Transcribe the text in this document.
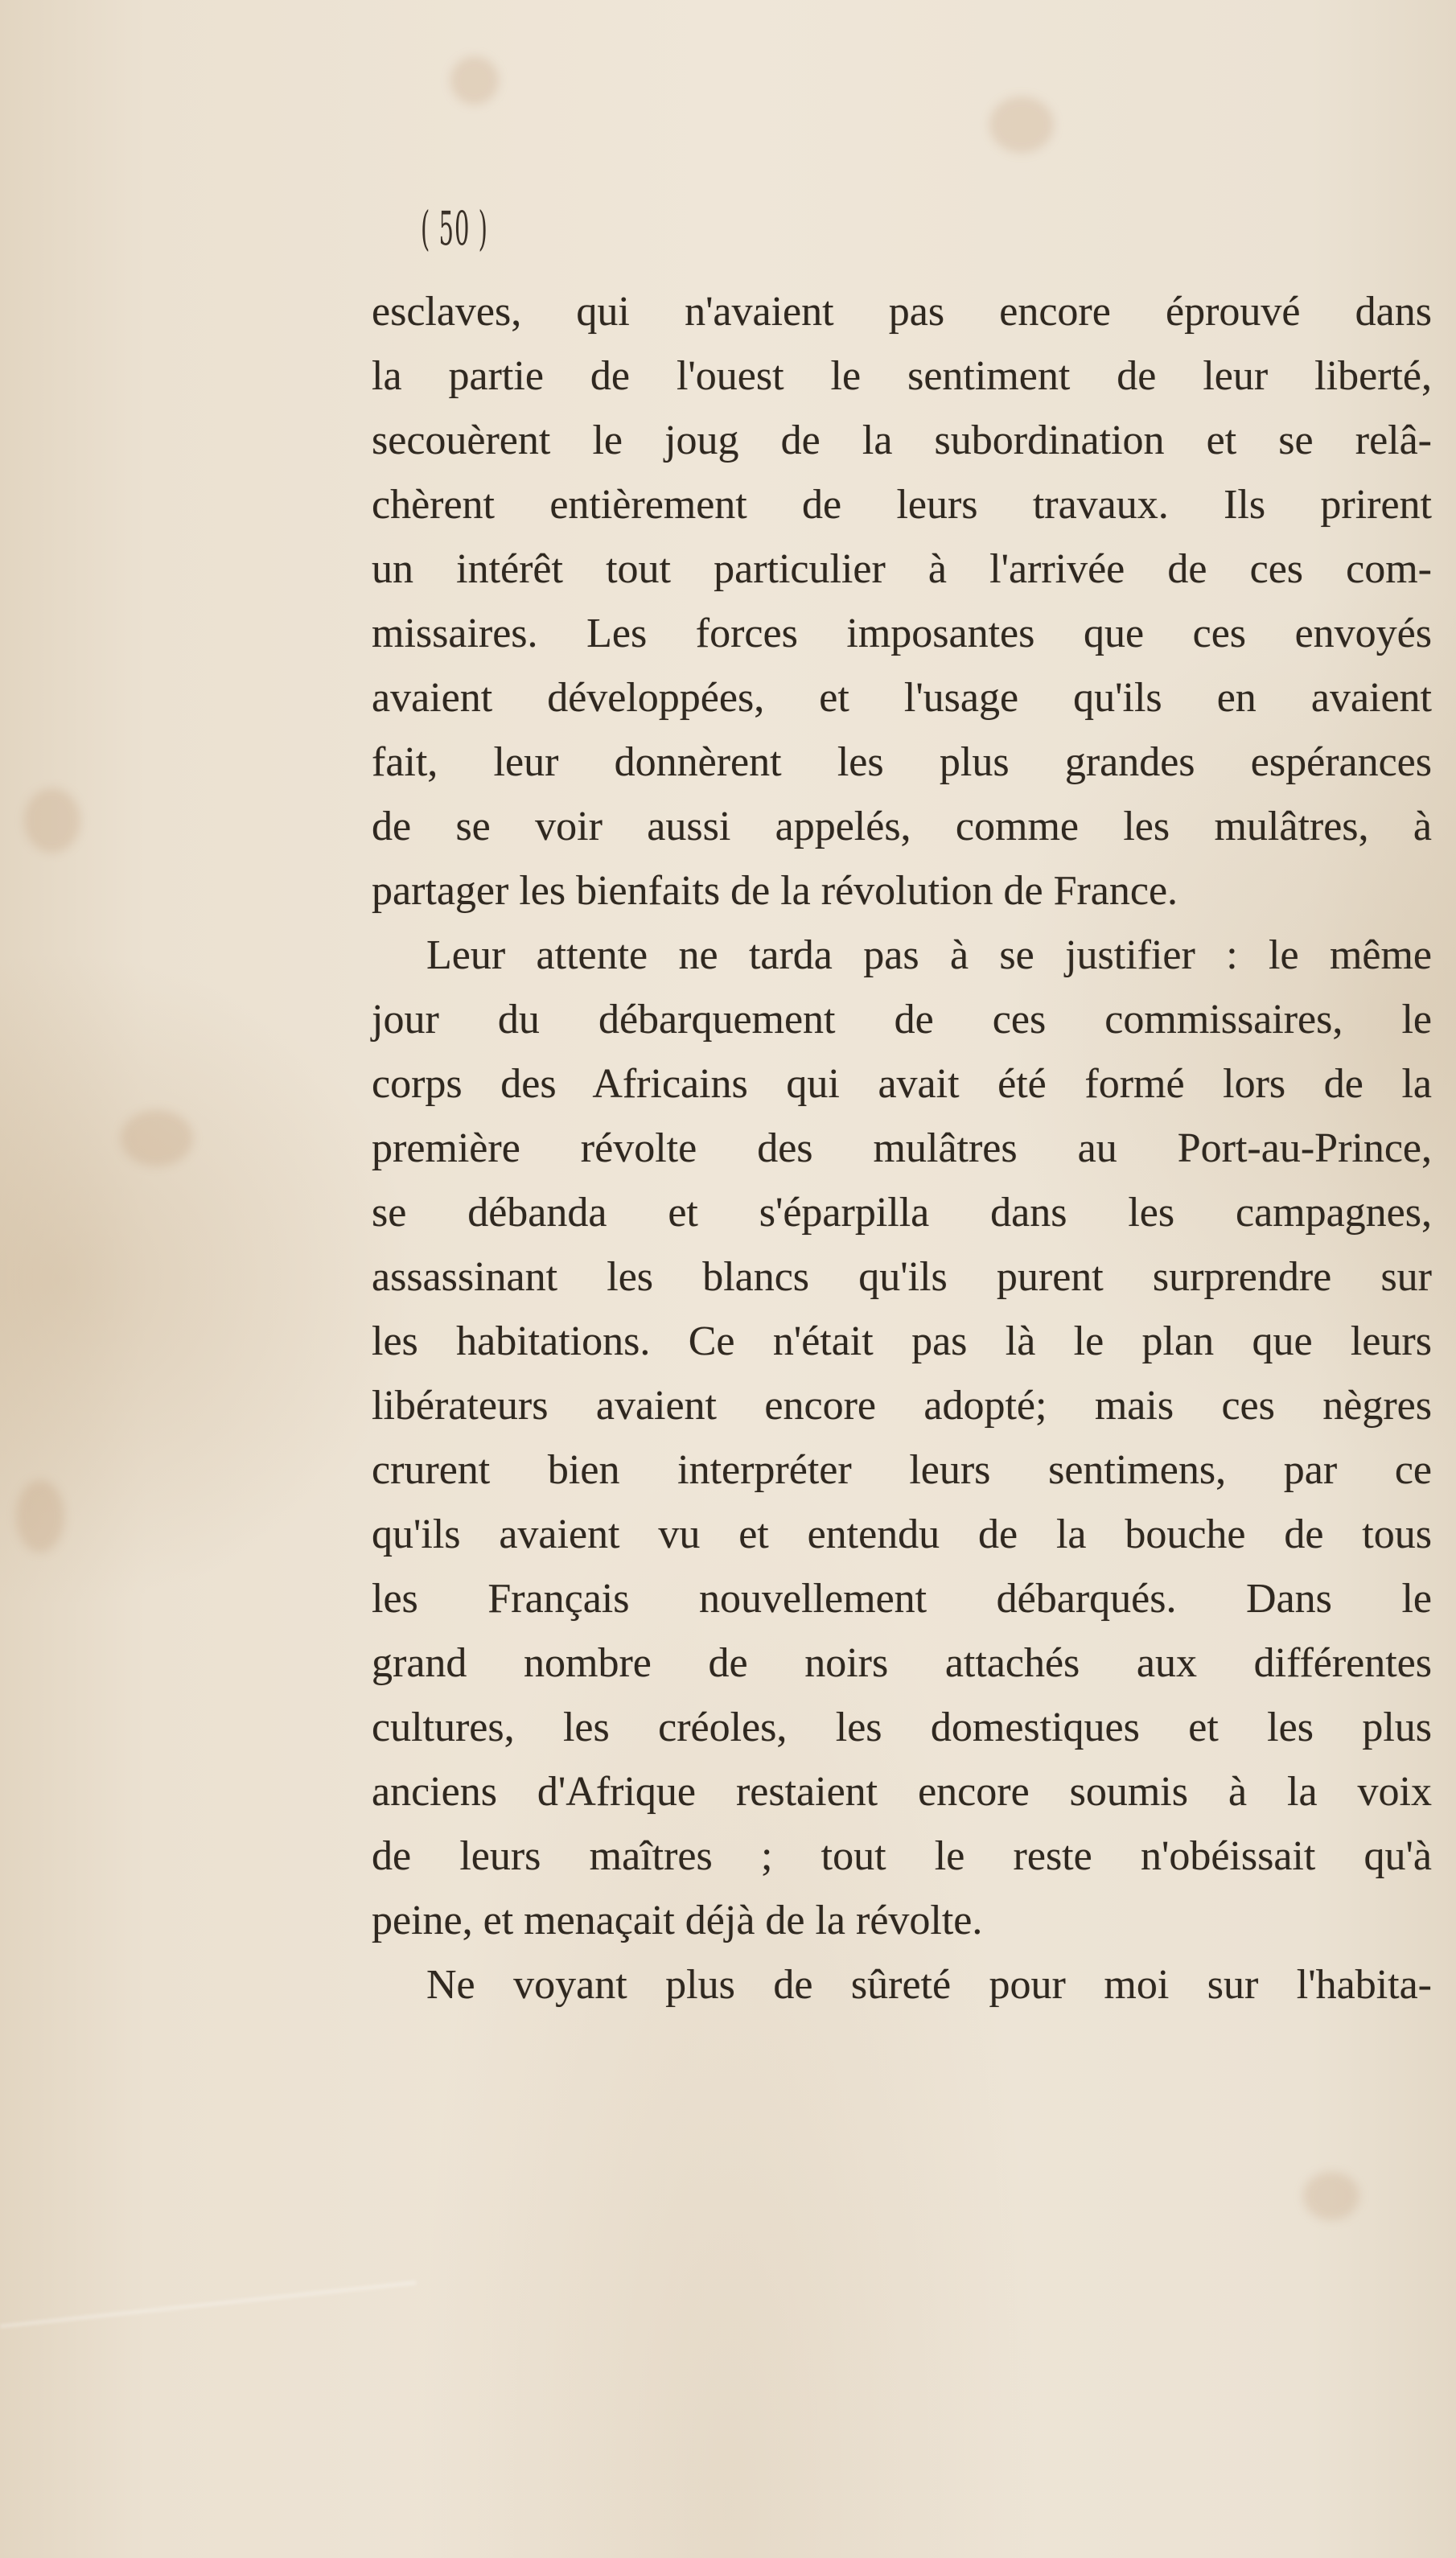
( 50 )
esclaves, qui n'avaient pas encore éprouvé dans
la partie de l'ouest le sentiment de leur liberté,
secouèrent le joug de la subordination et se relâ-
chèrent entièrement de leurs travaux. Ils prirent
un intérêt tout particulier à l'arrivée de ces com-
missaires. Les forces imposantes que ces envoyés
avaient développées, et l'usage qu'ils en avaient
fait, leur donnèrent les plus grandes espérances
de se voir aussi appelés, comme les mulâtres, à
partager les bienfaits de la révolution de France.
Leur attente ne tarda pas à se justifier : le même
jour du débarquement de ces commissaires, le
corps des Africains qui avait été formé lors de la
première révolte des mulâtres au Port-au-Prince,
se débanda et s'éparpilla dans les campagnes,
assassinant les blancs qu'ils purent surprendre sur
les habitations. Ce n'était pas là le plan que leurs
libérateurs avaient encore adopté; mais ces nègres
crurent bien interpréter leurs sentimens, par ce
qu'ils avaient vu et entendu de la bouche de tous
les Français nouvellement débarqués. Dans le
grand nombre de noirs attachés aux différentes
cultures, les créoles, les domestiques et les plus
anciens d'Afrique restaient encore soumis à la voix
de leurs maîtres ; tout le reste n'obéissait qu'à
peine, et menaçait déjà de la révolte.
Ne voyant plus de sûreté pour moi sur l'habita-
